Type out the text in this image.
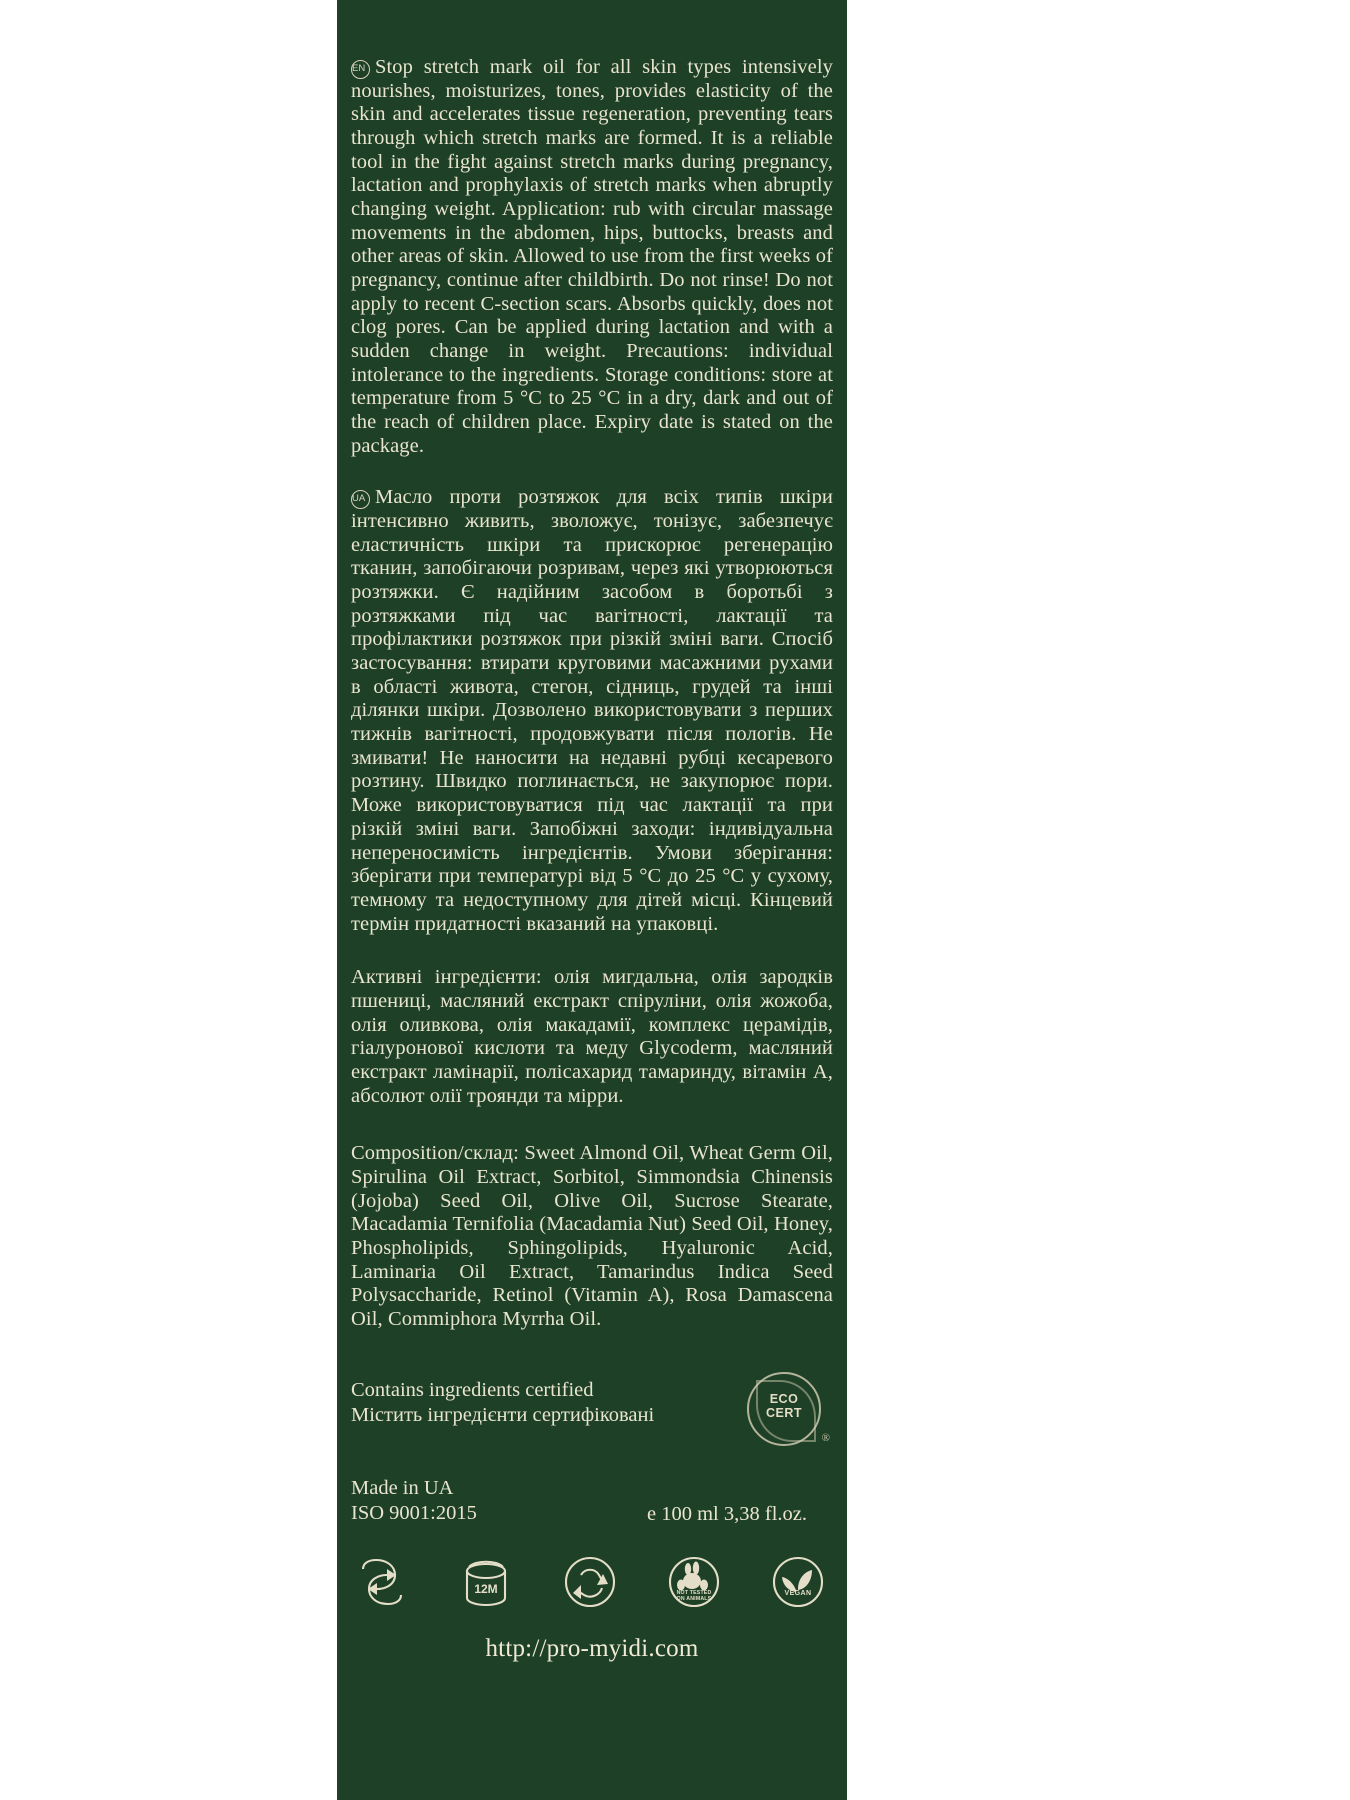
EN Stop stretch mark oil for all skin types intensively nourishes, moisturizes, tones, provides elasticity of the skin and accelerates tissue regeneration, preventing tears through which stretch marks are formed. It is a reliable tool in the fight against stretch marks during pregnancy, lactation and prophylaxis of stretch marks when abruptly changing weight. Application: rub with circular massage movements in the abdomen, hips, buttocks, breasts and other areas of skin. Allowed to use from the first weeks of pregnancy, continue after childbirth. Do not rinse! Do not apply to recent C-section scars. Absorbs quickly, does not clog pores. Can be applied during lactation and with a sudden change in weight. Precautions: individual intolerance to the ingredients. Storage conditions: store at temperature from 5 °C to 25 °C in a dry, dark and out of the reach of children place. Expiry date is stated on the package.

UA Масло проти розтяжок для всіх типів шкіри інтенсивно живить, зволожує, тонізує, забезпечує еластичність шкіри та прискорює регенерацію тканин, запобігаючи розривам, через які утворюються розтяжки. Є надійним засобом в боротьбі з розтяжками під час вагітності, лактації та профілактики розтяжок при різкій зміні ваги. Спосіб застосування: втирати круговими масажними рухами в області живота, стегон, сідниць, грудей та інші ділянки шкіри. Дозволено використовувати з перших тижнів вагітності, продовжувати після пологів. Не змивати! Не наносити на недавні рубці кесаревого розтину. Швидко поглинається, не закупорює пори. Може використовуватися під час лактації та при різкій зміні ваги. Запобіжні заходи: індивідуальна непереносимість інгредієнтів. Умови зберігання: зберігати при температурі від 5 °C до 25 °C у сухому, темному та недоступному для дітей місці. Кінцевий термін придатності вказаний на упаковці.

Активні інгредієнти: олія мигдальна, олія зародків пшениці, масляний екстракт спіруліни, олія жожоба, олія оливкова, олія макадамії, комплекс церамідів, гіалуронової кислоти та меду Glycoderm, масляний екстракт ламінарії, полісахарид тамаринду, вітамін А, абсолют олії троянди та мірри.

Composition/склад: Sweet Almond Oil, Wheat Germ Oil, Spirulina Oil Extract, Sorbitol, Simmondsia Chinensis (Jojoba) Seed Oil, Olive Oil, Sucrose Stearate, Macadamia Ternifolia (Macadamia Nut) Seed Oil, Honey, Phospholipids, Sphingolipids, Hyaluronic Acid, Laminaria Oil Extract, Tamarindus Indica Seed Polysaccharide, Retinol (Vitamin A), Rosa Damascena Oil, Commiphora Myrrha Oil.

Contains ingredients certified
Містить інгредієнти сертифіковані
ECO
CERT
®
Made in UA
ISO 9001:2015	e 100 ml 3,38 fl.oz.
12M	NOT TESTED
ON ANIMALS
VEGAN
http://pro-myidi.com
